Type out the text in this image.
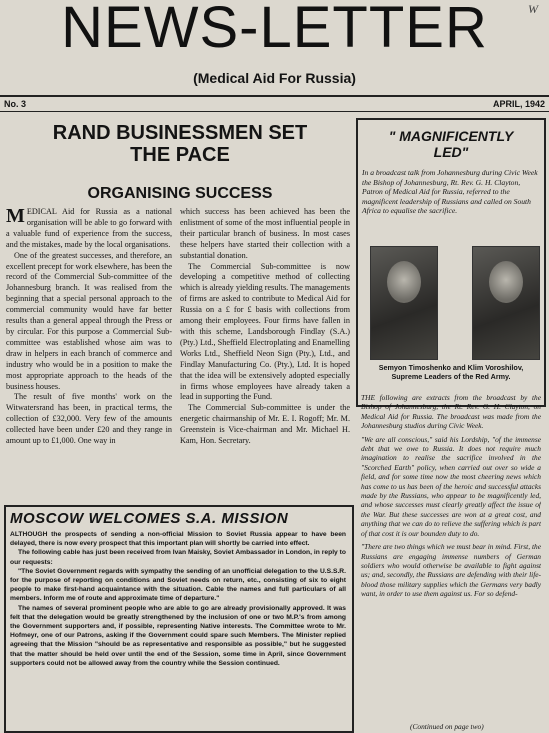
NEWS-LETTER	W
(Medical Aid For Russia)
No. 3	APRIL, 1942
RAND BUSINESSMEN SET
THE PACE
ORGANISING SUCCESS

MEDICAL Aid for Russia as a national organisation will be able to go forward with a valuable fund of experience from the success, and the mistakes, made by the local organisations.

One of the greatest successes, and therefore, an excellent precept for work elsewhere, has been the record of the Commercial Sub-committee of the Johannesburg branch. It was realised from the beginning that a special personal approach to the commercial community would have far better results than a general appeal through the Press or by circular. For this purpose a Commercial Sub-committee was established whose aim was to draw in helpers in each branch of commerce and industry who would be in a position to make the most appropriate approach to the heads of the business houses.

The result of five months' work on the Witwatersrand has been, in practical terms, the collection of £32,000. Very few of the amounts collected have been under £20 and they range in amount up to £1,000. One way in

which success has been achieved has been the enlistment of some of the most influential people in their particular branch of business. In most cases these helpers have started their collection with a substantial donation.

The Commercial Sub-committee is now developing a competitive method of collecting which is already yielding results. The managements of firms are asked to contribute to Medical Aid for Russia on a £ for £ basis with collections from among their employees. Four firms have fallen in with this scheme, Landsborough Findlay (S.A.) (Pty.) Ltd., Sheffield Electroplating and Enamelling Works Ltd., Sheffield Neon Sign (Pty.), Ltd., and Findlay Manufacturing Co. (Pty.), Ltd. It is hoped that the idea will be extensively adopted especially in firms whose employees have already taken a lead in supporting the Fund.

The Commercial Sub-committee is under the energetic chairmanship of Mr. E. I. Rogoff; Mr. M. Greenstein is Vice-chairman and Mr. Michael H. Kam, Hon. Secretary.

" MAGNIFICENTLY
LED"
In a broadcast talk from Johannesburg during Civic Week the Bishop of Johannesburg, Rt. Rev. G. H. Clayton, Patron of Medical Aid for Russia, referred to the magnificent leadership of Russians and called on South Africa to equalise the sacrifice.
Semyon Timoshenko and Klim Voroshilov,
Supreme Leaders of the Red Army.

THE following are extracts from the broadcast by the Bishop of Johannesburg, the Rt. Rev. G. H. Clayton, on Medical Aid for Russia. The broadcast was made from the Johannesburg studios during Civic Week.

"We are all conscious," said his Lordship, "of the immense debt that we owe to Russia. It does not require much imagination to realise the sacrifice involved in the "Scorched Earth" policy, when carried out over so wide a field, and for some time now the most cheering news which has come to us has been of the heroic and successful attacks made by the Russians, who appear to be magnificently led, and whose successes must clearly greatly affect the issue of the War. But these successes are won at a great cost, and anything that we can do to relieve the suffering which is part of that cost it is our bounden duty to do.

"There are two things which we must bear in mind. First, the Russians are engaging immense numbers of German soldiers who would otherwise be available to fight against us; and, secondly, the Russians are defending with their life-blood those military supplies which the Germans very badly want, in order to use them against us. For so defend-

(Continued on page two)
MOSCOW WELCOMES S.A. MISSION

ALTHOUGH the prospects of sending a non-official Mission to Soviet Russia appear to have been delayed, there is now every prospect that this important plan will shortly be carried into effect.

The following cable has just been received from Ivan Maisky, Soviet Ambassador in London, in reply to our requests:

"The Soviet Government regards with sympathy the sending of an unofficial delegation to the U.S.S.R. for the purpose of reporting on conditions and Soviet needs on return, etc., consisting of six to eight people to make first-hand acquaintance with the situation. Cable the names and full particulars of all members. Inform me of route and approximate time of departure."

The names of several prominent people who are able to go are already provisionally approved. It was felt that the delegation would be greatly strengthened by the inclusion of one or two M.P.'s from among the Government supporters and, if possible, representing Native interests. The Committee wrote to Mr. Hofmeyr, one of our Patrons, asking if the Government could spare such Members. The Minister replied agreeing that the Mission "should be as representative and responsible as possible," but he suggested that the matter should be held over until the end of the Session, some time in April, since Government supporters could not be allowed away from the country while the Session continued.
